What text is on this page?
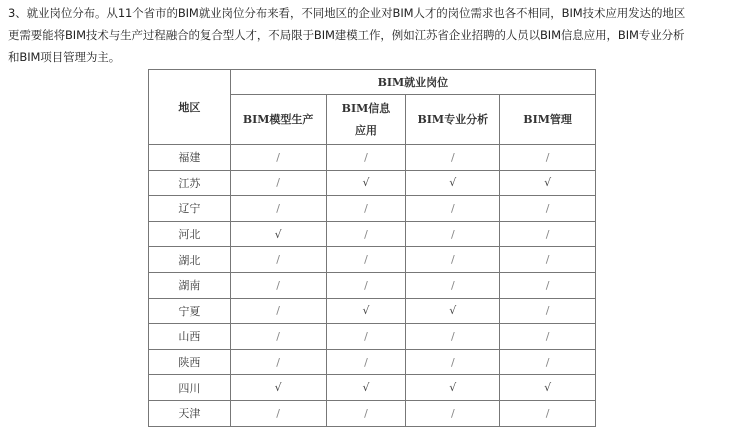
3、就业岗位分布。从11个省市的BIM就业岗位分布来看，不同地区的企业对BIM人才的岗位需求也各不相同，BIM技术应用发达的地区
更需要能将BIM技术与生产过程融合的复合型人才，不局限于BIM建模工作，例如江苏省企业招聘的人员以BIM信息应用，BIM专业分析
和BIM项目管理为主。

地区	BIM就业岗位			
	BIM模型生产	BIM信息应用	BIM专业分析	BIM管理
福建	/	/	/	/
江苏	/	√	√	√
辽宁	/	/	/	/
河北	√	/	/	/
湖北	/	/	/	/
湖南	/	/	/	/
宁夏	/	√	√	/
山西	/	/	/	/
陕西	/	/	/	/
四川	√	√	√	√
天津	/	/	/	/
